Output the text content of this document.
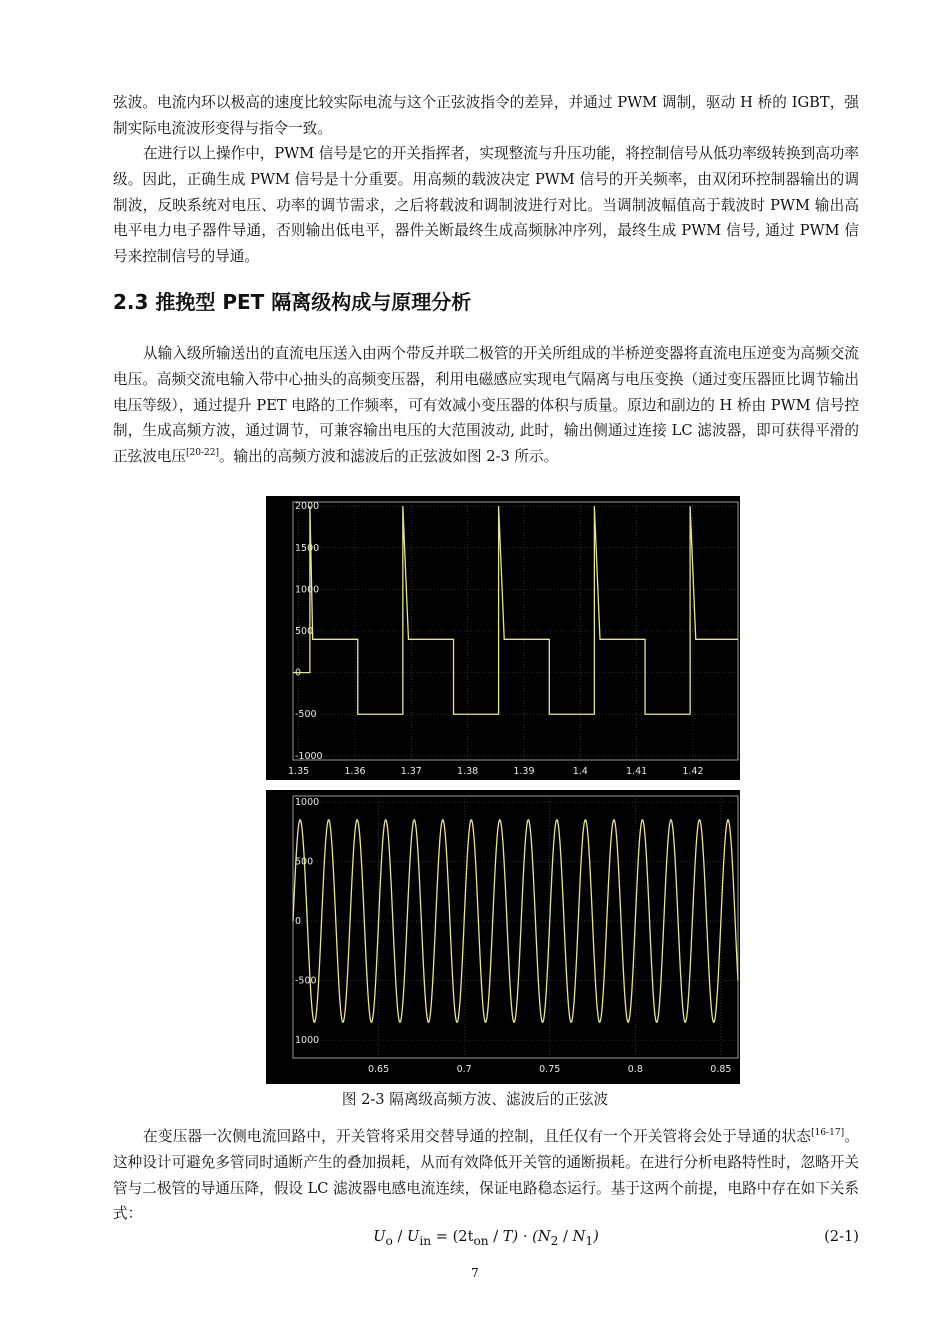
弦波。电流内环以极高的速度比较实际电流与这个正弦波指令的差异，并通过 PWM 调制，驱动 H 桥的 IGBT，强制实际电流波形变得与指令一致。

在进行以上操作中，PWM 信号是它的开关指挥者，实现整流与升压功能，将控制信号从低功率级转换到高功率级。因此，正确生成 PWM 信号是十分重要。用高频的载波决定 PWM 信号的开关频率，由双闭环控制器输出的调制波，反映系统对电压、功率的调节需求，之后将载波和调制波进行对比。当调制波幅值高于载波时 PWM 输出高电平电力电子器件导通，否则输出低电平，器件关断最终生成高频脉冲序列，最终生成 PWM 信号, 通过 PWM 信号来控制信号的导通。

2.3 推挽型 PET 隔离级构成与原理分析

从输入级所输送出的直流电压送入由两个带反并联二极管的开关所组成的半桥逆变器将直流电压逆变为高频交流电压。高频交流电输入带中心抽头的高频变压器，利用电磁感应实现电气隔离与电压变换（通过变压器匝比调节输出电压等级），通过提升 PET 电路的工作频率，可有效减小变压器的体积与质量。原边和副边的 H 桥由 PWM 信号控制，生成高频方波，通过调节，可兼容输出电压的大范围波动, 此时，输出侧通过连接 LC 滤波器，即可获得平滑的正弦波电压[20-22]。输出的高频方波和滤波后的正弦波如图 2-3 所示。

2000
1500
1000
500
0
-500
-1000
1.35	1.36	1.37	1.38	1.39	1.4	1.41	1.42
1000
500
0
-500
1000
0.65	0.7	0.75	0.8	0.85

图 2-3 隔离级高频方波、滤波后的正弦波

在变压器一次侧电流回路中，开关管将采用交替导通的控制，且任仅有一个开关管将会处于导通的状态[16-17]。这种设计可避免多管同时通断产生的叠加损耗，从而有效降低开关管的通断损耗。在进行分析电路特性时，忽略开关管与二极管的导通压降，假设 LC 滤波器电感电流连续，保证电路稳态运行。基于这两个前提，电路中存在如下关系式：

$U_o / U_{in} = (2t_{on} / T) \cdot (N_2 / N_1)$	(2-1)

7
